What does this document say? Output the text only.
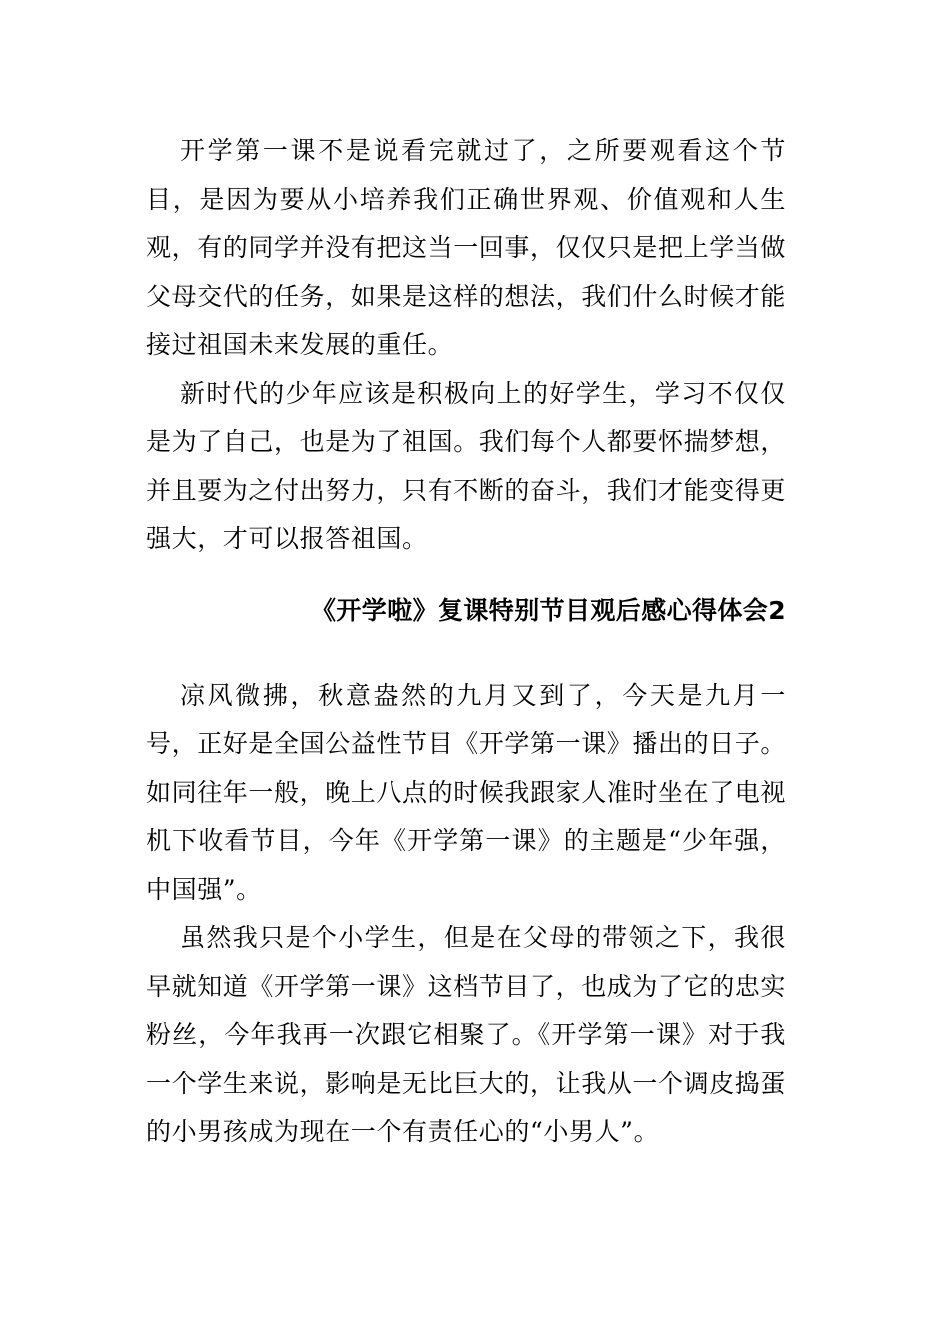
开学第一课不是说看完就过了，之所要观看这个节目，是因为要从小培养我们正确世界观、价值观和人生观，有的同学并没有把这当一回事，仅仅只是把上学当做父母交代的任务，如果是这样的想法，我们什么时候才能接过祖国未来发展的重任。

新时代的少年应该是积极向上的好学生，学习不仅仅是为了自己，也是为了祖国。我们每个人都要怀揣梦想，并且要为之付出努力，只有不断的奋斗，我们才能变得更强大，才可以报答祖国。

《开学啦》复课特别节目观后感心得体会2

凉风微拂，秋意盎然的九月又到了，今天是九月一号，正好是全国公益性节目《开学第一课》播出的日子。如同往年一般，晚上八点的时候我跟家人准时坐在了电视机下收看节目，今年《开学第一课》的主题是“少年强，中国强”。

虽然我只是个小学生，但是在父母的带领之下，我很早就知道《开学第一课》这档节目了，也成为了它的忠实粉丝，今年我再一次跟它相聚了。《开学第一课》对于我一个学生来说，影响是无比巨大的，让我从一个调皮捣蛋的小男孩成为现在一个有责任心的“小男人”。
